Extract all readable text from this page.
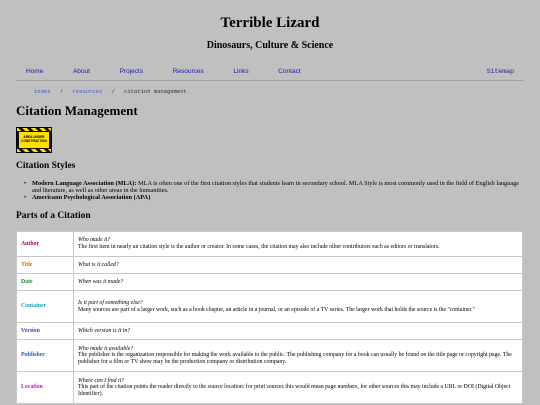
Terrible Lizard
Dinosaurs, Culture & Science
Home	About	Projects	Resources	Links	Contact	Sitemap
index / resources / citation management
Citation Management
AREA UNDER CONSTRUCTION
Citation Styles
• Modern Language Association (MLA): MLA is often one of the first citation styles that students learn in secondary school. MLA Style is most commonly used in the field of English language and literature, as well as other areas in the humanities.
• Americann Psychological Association (APA)
Parts of a Citation
Author	Who made it?
The first item in nearly an citation style is the author or creator. In some cases, the citation may also include other contributors such as editors or translators.

Title	What is it called?

Date	When was it made?

Container	Is it part of something else?
Many sources are part of a larger work, such as a book chapter, an article in a journal, or an episode of a TV series. The larger work that holds the source is the "container."

Version	Which version is it in?

Publisher	Who made it available?
The publisher is the organization responsible for making the work available to the public. The publishing company for a book can usually be found on the title page or copyright page. The publisher for a film or TV show may be the production company or distribution company.

Location	Where can I find it?
This part of the citation points the reader directly to the source location: for print sources this would mean page numbers, for other sources this may include a URL or DOI (Digital Object Identifier).
